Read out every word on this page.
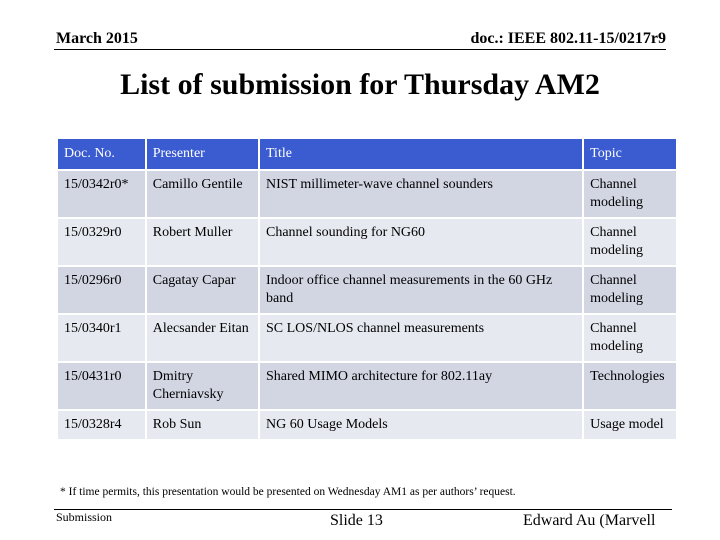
March 2015	doc.: IEEE 802.11-15/0217r9
List of submission for Thursday AM2
Doc. No.	Presenter	Title	Topic
15/0342r0*	Camillo Gentile	NIST millimeter-wave channel sounders	Channel modeling
15/0329r0	Robert Muller	Channel sounding for NG60	Channel modeling
15/0296r0	Cagatay Capar	Indoor office channel measurements in the 60 GHz band	Channel modeling
15/0340r1	Alecsander Eitan	SC LOS/NLOS channel measurements	Channel modeling
15/0431r0	Dmitry Cherniavsky	Shared MIMO architecture for 802.11ay	Technologies
15/0328r4	Rob Sun	NG 60 Usage Models	Usage model
* If time permits, this presentation would be presented on Wednesday AM1 as per authors’ request.
Submission	Slide 13	Edward Au (Marvell
